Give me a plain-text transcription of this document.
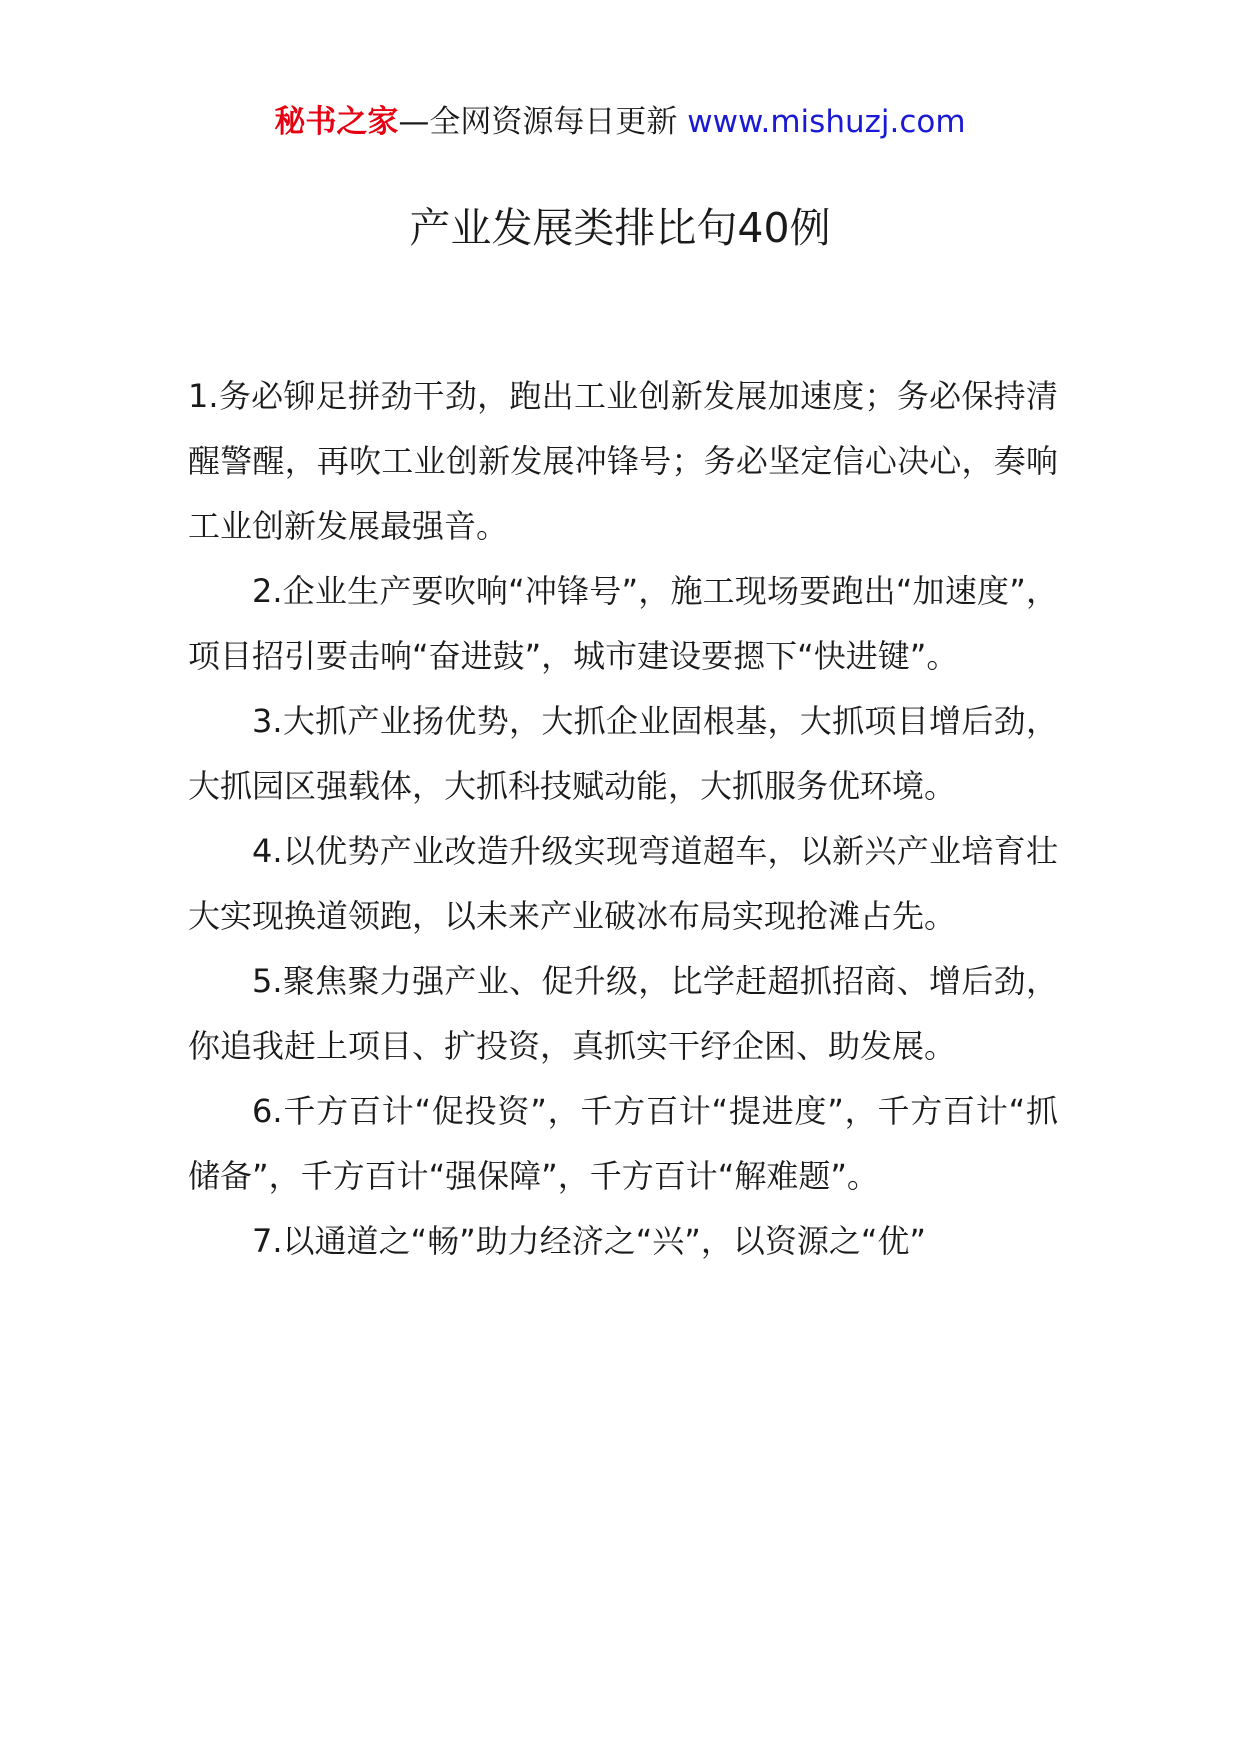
秘书之家—全网资源每日更新 www.mishuzj.com
产业发展类排比句40例

1.务必铆足拼劲干劲，跑出工业创新发展加速度；务必保持清醒警醒，再吹工业创新发展冲锋号；务必坚定信心决心，奏响工业创新发展最强音。

2.企业生产要吹响“冲锋号”，施工现场要跑出“加速度”，项目招引要击响“奋进鼓”，城市建设要摁下“快进键”。

3.大抓产业扬优势，大抓企业固根基，大抓项目增后劲，大抓园区强载体，大抓科技赋动能，大抓服务优环境。

4.以优势产业改造升级实现弯道超车，以新兴产业培育壮大实现换道领跑，以未来产业破冰布局实现抢滩占先。

5.聚焦聚力强产业、促升级，比学赶超抓招商、增后劲，你追我赶上项目、扩投资，真抓实干纾企困、助发展。

6.千方百计“促投资”，千方百计“提进度”，千方百计“抓储备”，千方百计“强保障”，千方百计“解难题”。

7.以通道之“畅”助力经济之“兴”，以资源之“优”
